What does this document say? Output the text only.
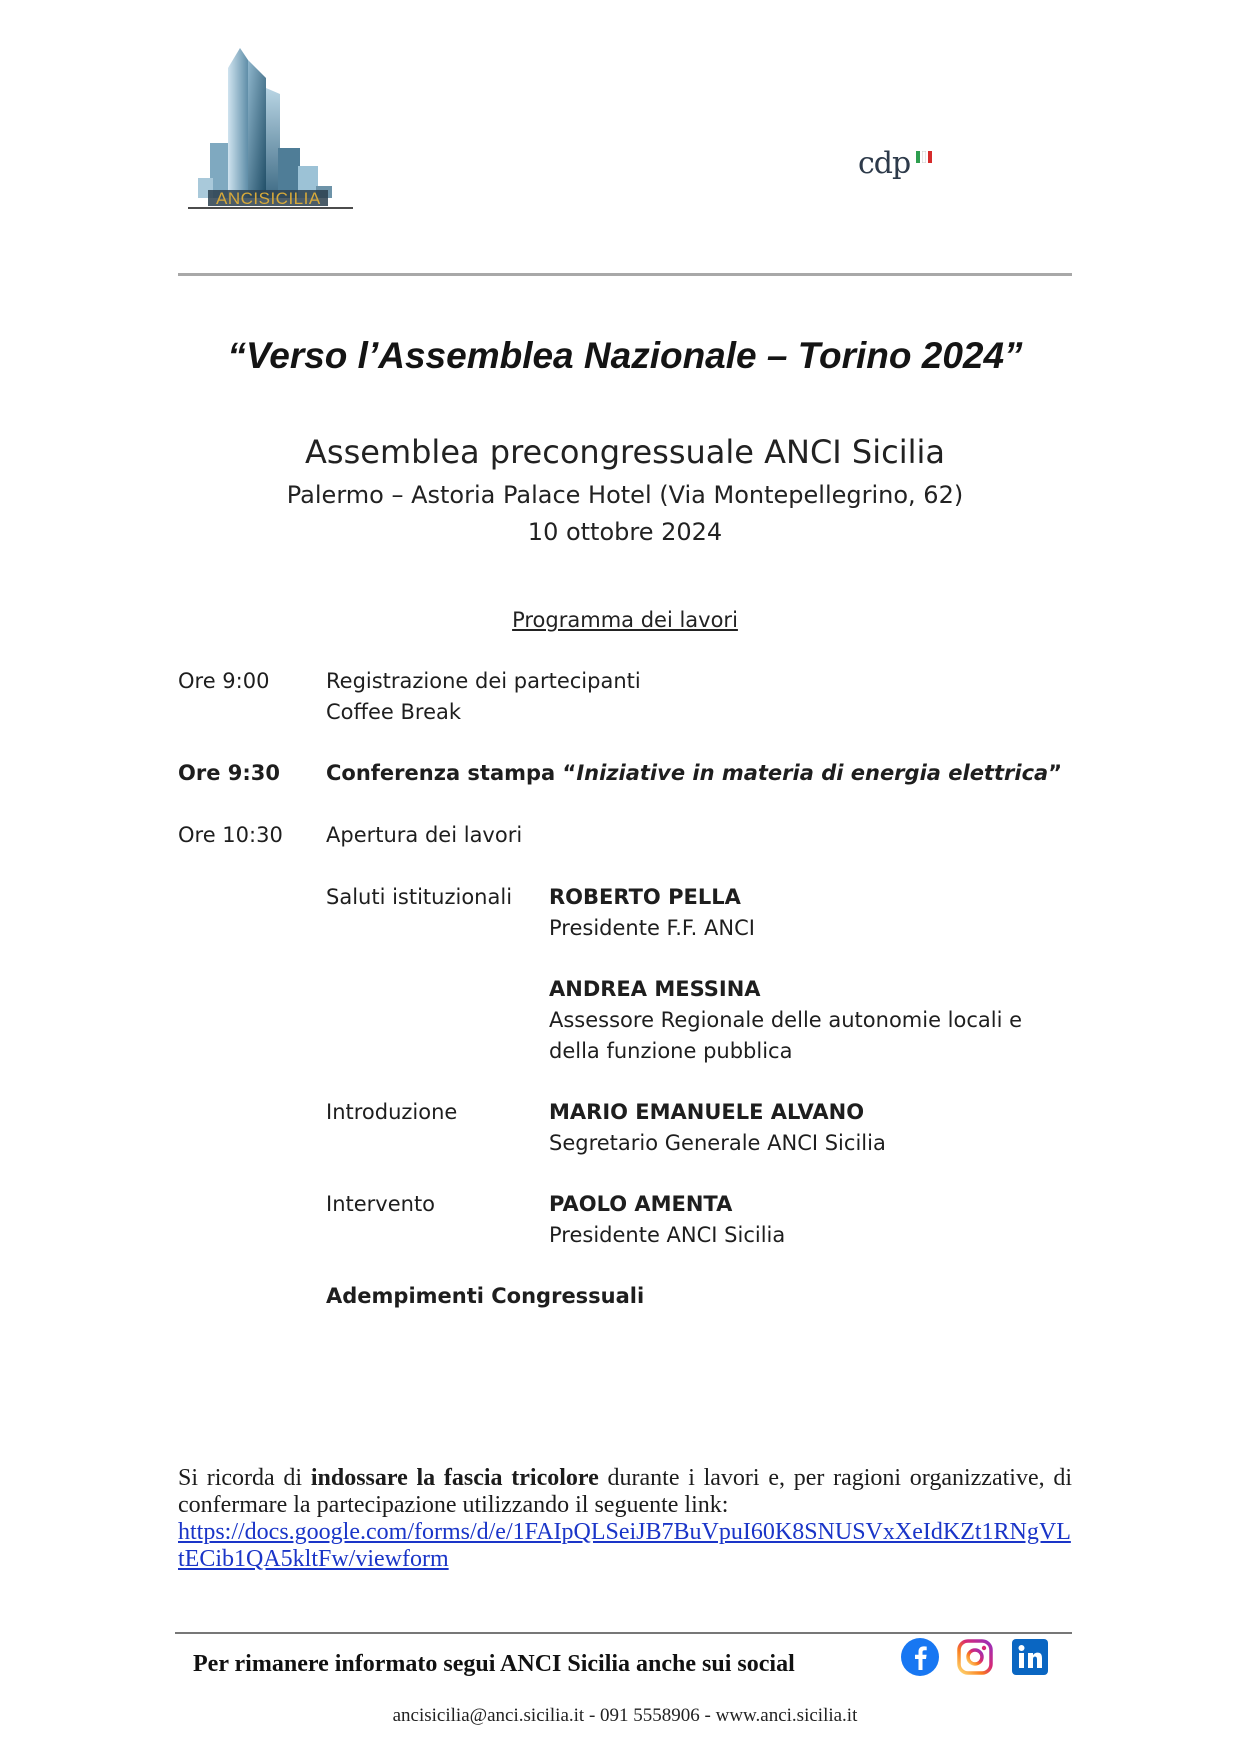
ANCISICILIA
cdp
“Verso l’Assemblea Nazionale – Torino 2024”
Assemblea precongressuale ANCI Sicilia
Palermo – Astoria Palace Hotel (Via Montepellegrino, 62)
10 ottobre 2024
Programma dei lavori
Ore 9:00	Registrazione dei partecipanti
Coffee Break
Ore 9:30 Conferenza stampa “Iniziative in materia di energia elettrica”
Ore 10:30 Apertura dei lavori
Saluti istituzionali ROBERTO PELLA
Presidente F.F. ANCI
ANDREA MESSINA
Assessore Regionale delle autonomie locali e
della funzione pubblica
Introduzione	MARIO EMANUELE ALVANO
Segretario Generale ANCI Sicilia
Intervento	PAOLO AMENTA
Presidente ANCI Sicilia
Adempimenti Congressuali
Si ricorda di indossare la fascia tricolore durante i lavori e, per ragioni organizzative, di confermare la partecipazione utilizzando il seguente link:
https://docs.google.com/forms/d/e/1FAIpQLSeiJB7BuVpuI60K8SNUSVxXeIdKZt1RNgVLtECib1QA5kltFw/viewform
Per rimanere informato segui ANCI Sicilia anche sui social
ancisicilia@anci.sicilia.it - 091 5558906 - www.anci.sicilia.it
